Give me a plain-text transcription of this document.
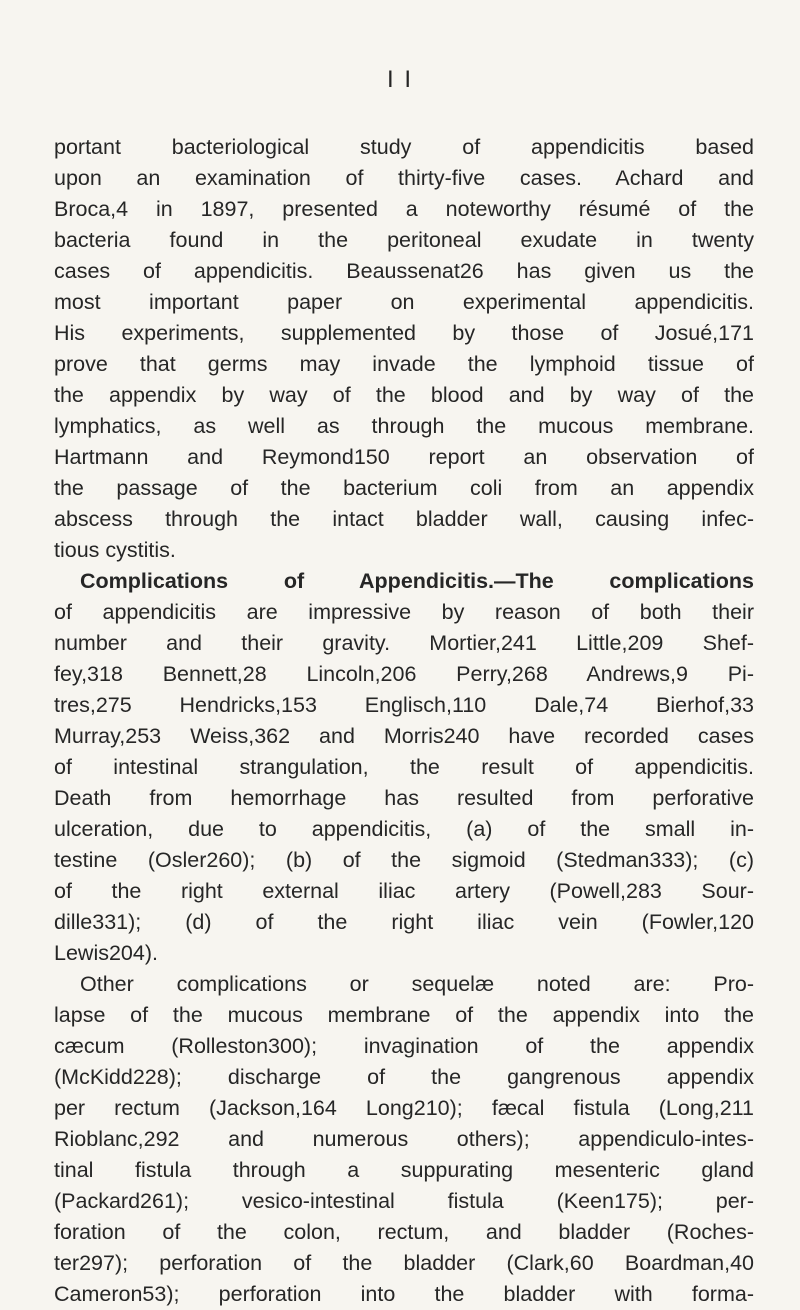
I I
portant bacteriological study of appendicitis based
upon an examination of thirty-five cases. Achard and
Broca,4 in 1897, presented a noteworthy résumé of the
bacteria found in the peritoneal exudate in twenty
cases of appendicitis. Beaussenat26 has given us the
most important paper on experimental appendicitis.
His experiments, supplemented by those of Josué,171
prove that germs may invade the lymphoid tissue of
the appendix by way of the blood and by way of the
lymphatics, as well as through the mucous membrane.
Hartmann and Reymond150 report an observation of
the passage of the bacterium coli from an appendix
abscess through the intact bladder wall, causing infec-
tious cystitis.
Complications of Appendicitis.—The complications
of appendicitis are impressive by reason of both their
number and their gravity. Mortier,241 Little,209 Shef-
fey,318 Bennett,28 Lincoln,206 Perry,268 Andrews,9 Pi-
tres,275 Hendricks,153 Englisch,110 Dale,74 Bierhof,33
Murray,253 Weiss,362 and Morris240 have recorded cases
of intestinal strangulation, the result of appendicitis.
Death from hemorrhage has resulted from perforative
ulceration, due to appendicitis, (a) of the small in-
testine (Osler260); (b) of the sigmoid (Stedman333); (c)
of the right external iliac artery (Powell,283 Sour-
dille331); (d) of the right iliac vein (Fowler,120
Lewis204).
Other complications or sequelæ noted are: Pro-
lapse of the mucous membrane of the appendix into the
cæcum (Rolleston300); invagination of the appendix
(McKidd228); discharge of the gangrenous appendix
per rectum (Jackson,164 Long210); fæcal fistula (Long,211
Rioblanc,292 and numerous others); appendiculo-intes-
tinal fistula through a suppurating mesenteric gland
(Packard261); vesico-intestinal fistula (Keen175); per-
foration of the colon, rectum, and bladder (Roches-
ter297); perforation of the bladder (Clark,60 Boardman,40
Cameron53); perforation into the bladder with forma-
